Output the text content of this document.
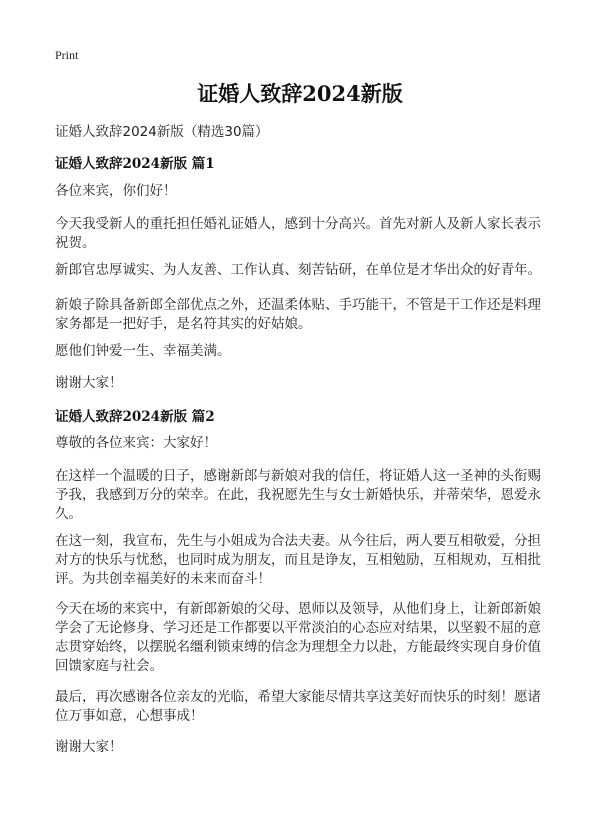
Print
证婚人致辞2024新版
证婚人致辞2024新版（精选30篇）
证婚人致辞2024新版 篇1

各位来宾，你们好！

今天我受新人的重托担任婚礼证婚人，感到十分高兴。首先对新人及新人家长表示祝贺。

新郎官忠厚诚实、为人友善、工作认真、刻苦钻研，在单位是才华出众的好青年。

新娘子除具备新郎全部优点之外，还温柔体贴、手巧能干，不管是干工作还是料理家务都是一把好手，是名符其实的好姑娘。

愿他们钟爱一生、幸福美满。

谢谢大家！

证婚人致辞2024新版 篇2

尊敬的各位来宾：大家好！

在这样一个温暖的日子，感谢新郎与新娘对我的信任，将证婚人这一圣神的头衔赐予我，我感到万分的荣幸。在此，我祝愿先生与女士新婚快乐，并蒂荣华，恩爱永久。

在这一刻，我宣布，先生与小姐成为合法夫妻。从今往后，两人要互相敬爱，分担对方的快乐与忧愁，也同时成为朋友，而且是诤友，互相勉励，互相规劝，互相批评。为共创幸福美好的未来而奋斗！

今天在场的来宾中，有新郎新娘的父母、恩师以及领导，从他们身上，让新郎新娘学会了无论修身、学习还是工作都要以平常淡泊的心态应对结果，以坚毅不屈的意志贯穿始终，以摆脱名缰利锁束缚的信念为理想全力以赴，方能最终实现自身价值回馈家庭与社会。

最后，再次感谢各位亲友的光临，希望大家能尽情共享这美好而快乐的时刻！愿诸位万事如意，心想事成！

谢谢大家！
